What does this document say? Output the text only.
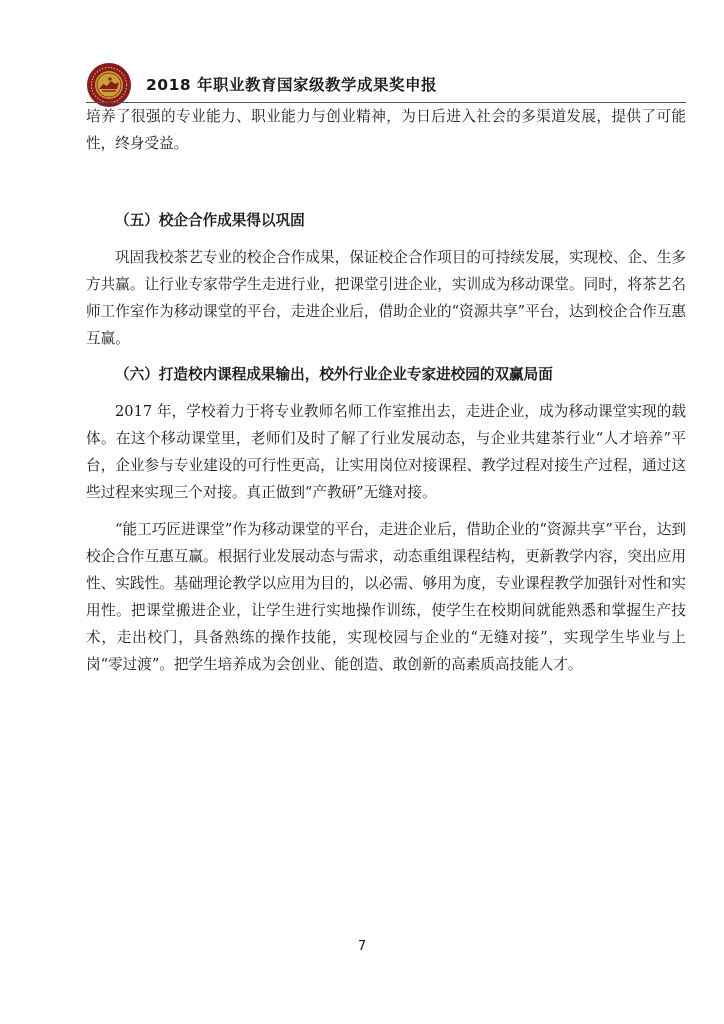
2018 年职业教育国家级教学成果奖申报

培养了很强的专业能力、职业能力与创业精神，为日后进入社会的多渠道发展，提供了可能性，终身受益。

（五）校企合作成果得以巩固

巩固我校茶艺专业的校企合作成果，保证校企合作项目的可持续发展，实现校、企、生多方共赢。让行业专家带学生走进行业，把课堂引进企业，实训成为移动课堂。同时，将茶艺名师工作室作为移动课堂的平台，走进企业后，借助企业的“资源共享”平台，达到校企合作互惠互赢。

（六）打造校内课程成果输出，校外行业企业专家进校园的双赢局面

2017 年，学校着力于将专业教师名师工作室推出去，走进企业，成为移动课堂实现的载体。在这个移动课堂里，老师们及时了解了行业发展动态，与企业共建茶行业“人才培养”平台，企业参与专业建设的可行性更高，让实用岗位对接课程、教学过程对接生产过程，通过这些过程来实现三个对接。真正做到“产教研”无缝对接。

“能工巧匠进课堂”作为移动课堂的平台，走进企业后，借助企业的“资源共享”平台，达到校企合作互惠互赢。根据行业发展动态与需求，动态重组课程结构，更新教学内容，突出应用性、实践性。基础理论教学以应用为目的，以必需、够用为度，专业课程教学加强针对性和实用性。把课堂搬进企业，让学生进行实地操作训练，使学生在校期间就能熟悉和掌握生产技术，走出校门，具备熟练的操作技能，实现校园与企业的“无缝对接”，实现学生毕业与上岗“零过渡”。把学生培养成为会创业、能创造、敢创新的高素质高技能人才。

7
